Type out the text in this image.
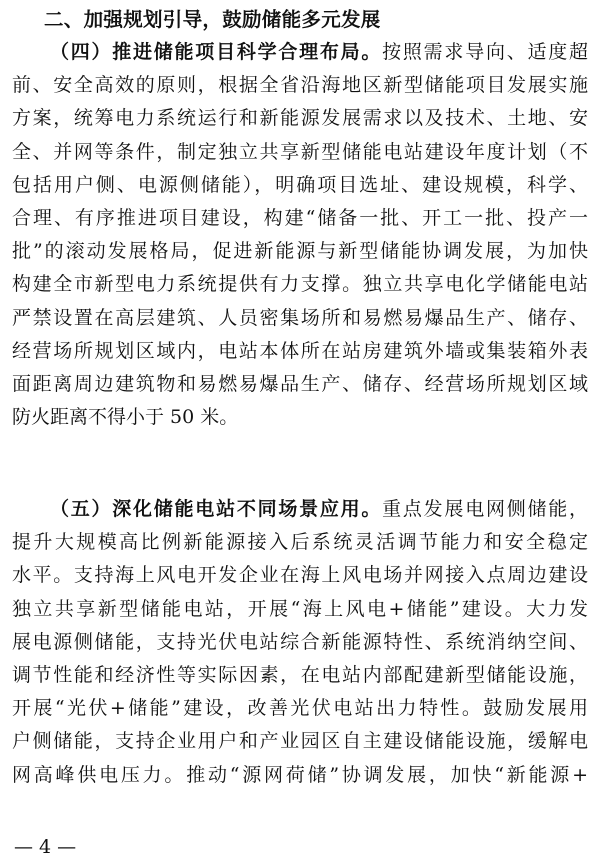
二、加强规划引导，鼓励储能多元发展
（四）推进储能项目科学合理布局。按照需求导向、适度超
前、安全高效的原则，根据全省沿海地区新型储能项目发展实施
方案，统筹电力系统运行和新能源发展需求以及技术、土地、安
全、并网等条件，制定独立共享新型储能电站建设年度计划（不
包括用户侧、电源侧储能），明确项目选址、建设规模，科学、
合理、有序推进项目建设，构建“储备一批、开工一批、投产一
批”的滚动发展格局，促进新能源与新型储能协调发展，为加快
构建全市新型电力系统提供有力支撑。独立共享电化学储能电站
严禁设置在高层建筑、人员密集场所和易燃易爆品生产、储存、
经营场所规划区域内，电站本体所在站房建筑外墙或集装箱外表
面距离周边建筑物和易燃易爆品生产、储存、经营场所规划区域
防火距离不得小于 50 米。
（五）深化储能电站不同场景应用。重点发展电网侧储能，
提升大规模高比例新能源接入后系统灵活调节能力和安全稳定
水平。支持海上风电开发企业在海上风电场并网接入点周边建设
独立共享新型储能电站，开展“海上风电+储能”建设。大力发
展电源侧储能，支持光伏电站综合新能源特性、系统消纳空间、
调节性能和经济性等实际因素，在电站内部配建新型储能设施，
开展“光伏+储能”建设，改善光伏电站出力特性。鼓励发展用
户侧储能，支持企业用户和产业园区自主建设储能设施，缓解电
网高峰供电压力。推动“源网荷储”协调发展，加快“新能源+
— 4 —
